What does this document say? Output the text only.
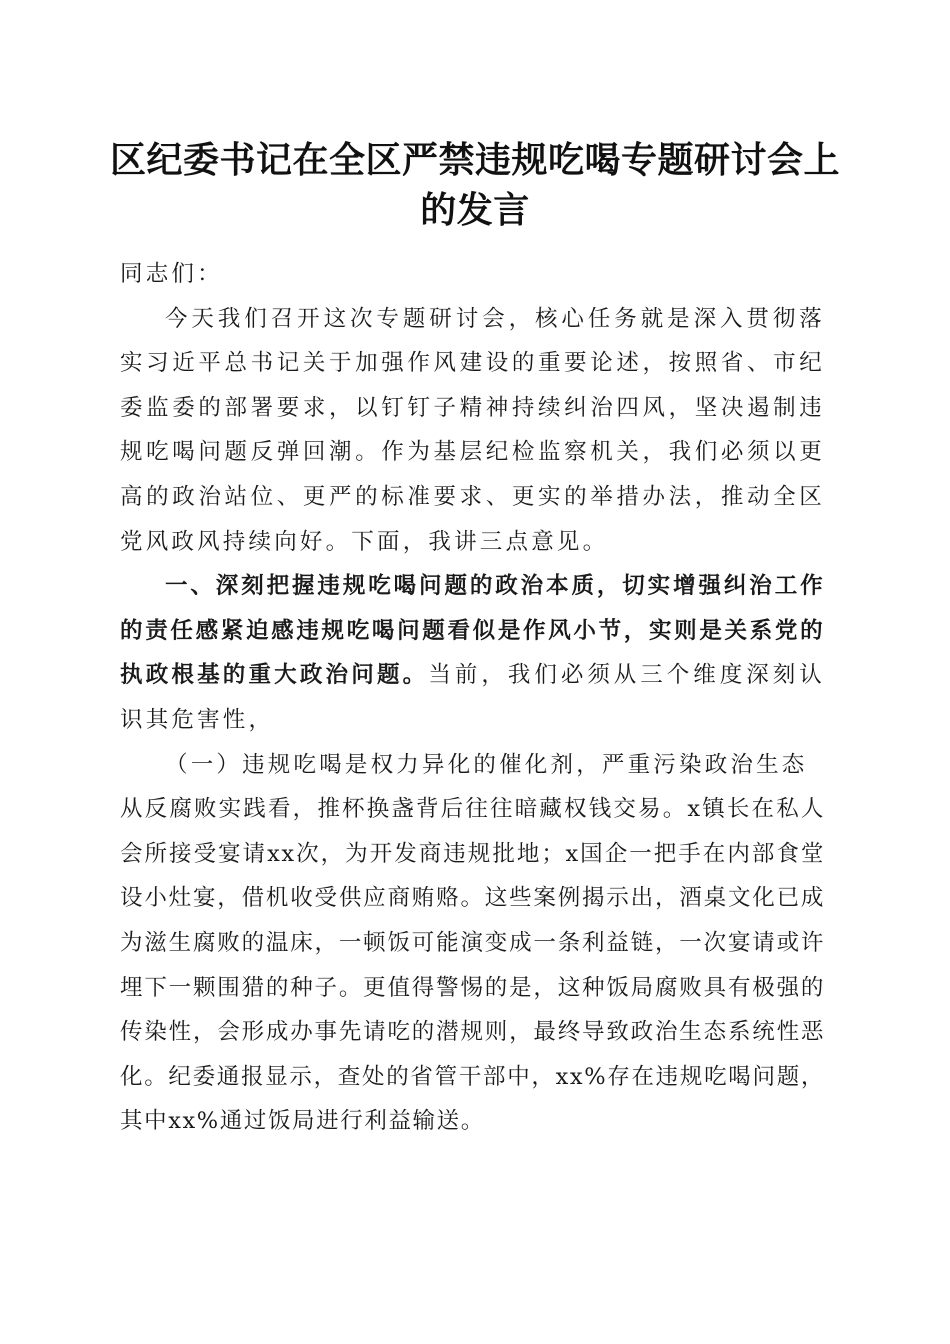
区纪委书记在全区严禁违规吃喝专题研讨会上的发言

同志们：

今天我们召开这次专题研讨会，核心任务就是深入贯彻落实习近平总书记关于加强作风建设的重要论述，按照省、市纪委监委的部署要求，以钉钉子精神持续纠治四风，坚决遏制违规吃喝问题反弹回潮。作为基层纪检监察机关，我们必须以更高的政治站位、更严的标准要求、更实的举措办法，推动全区党风政风持续向好。下面，我讲三点意见。

一、深刻把握违规吃喝问题的政治本质，切实增强纠治工作的责任感紧迫感违规吃喝问题看似是作风小节，实则是关系党的执政根基的重大政治问题。当前，我们必须从三个维度深刻认识其危害性，

（一）违规吃喝是权力异化的催化剂，严重污染政治生态

从反腐败实践看，推杯换盏背后往往暗藏权钱交易。x镇长在私人会所接受宴请xx次，为开发商违规批地；x国企一把手在内部食堂设小灶宴，借机收受供应商贿赂。这些案例揭示出，酒桌文化已成为滋生腐败的温床，一顿饭可能演变成一条利益链，一次宴请或许埋下一颗围猎的种子。更值得警惕的是，这种饭局腐败具有极强的传染性，会形成办事先请吃的潜规则，最终导致政治生态系统性恶化。纪委通报显示，查处的省管干部中，xx%存在违规吃喝问题，其中xx%通过饭局进行利益输送。
